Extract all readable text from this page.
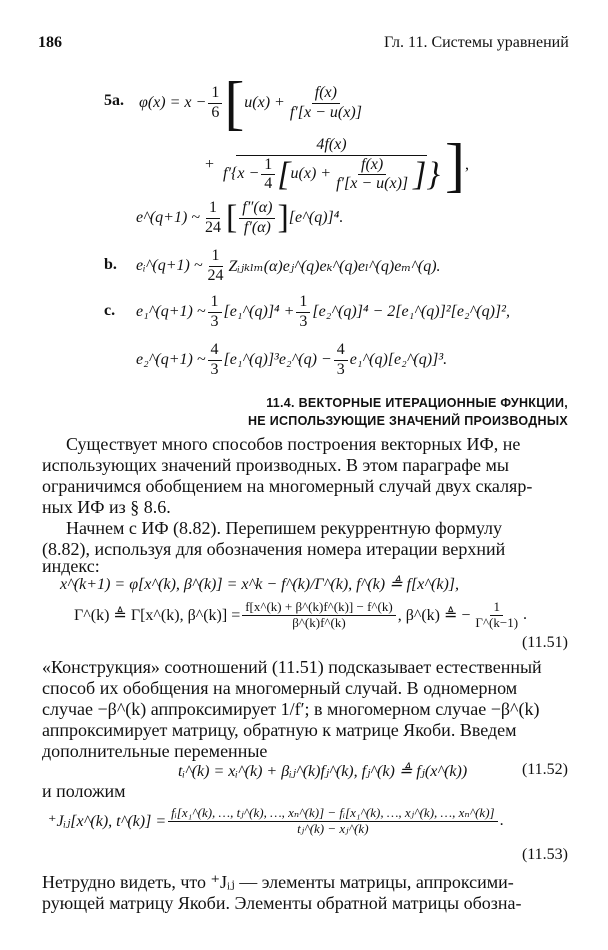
186	Гл. 11. Системы уравнений
5a. $\varphi(x) = x - \frac{1}{6}$ [ $u(x) + \frac{f(x)}{f'[x - u(x)]}$
+
4f(x)
$f'\{x - \frac{1}{4}$ [ $u(x) + \frac{f(x)}{f'[x - u(x)]}$ ]} ] ,
e^(q+1) ~ $\frac{1}{24}$ [ $\frac{f''(\alpha)}{f'(\alpha)}$ ] [e^(q)]⁴.
b. eᵢ^(q+1) ~ $\frac{1}{24}$ Zᵢⱼₖₗₘ(α)eⱼ^(q)eₖ^(q)eₗ^(q)eₘ^(q).
c. e₁^(q+1) ~ $\frac{1}{3}$ [e₁^(q)]⁴ + $\frac{1}{3}$ [e₂^(q)]⁴ − 2[e₁^(q)]²[e₂^(q)]²,
e₂^(q+1) ~ $\frac{4}{3}$ [e₁^(q)]³e₂^(q) − $\frac{4}{3}$ e₁^(q)[e₂^(q)]³.
11.4. ВЕКТОРНЫЕ ИТЕРАЦИОННЫЕ ФУНКЦИИ,
НЕ ИСПОЛЬЗУЮЩИЕ ЗНАЧЕНИЙ ПРОИЗВОДНЫХ
Существует много способов построения векторных ИФ, не
использующих значений производных. В этом параграфе мы
ограничимся обобщением на многомерный случай двух скаляр-
ных ИФ из § 8.6.
Начнем с ИФ (8.82). Перепишем рекуррентную формулу
(8.82), используя для обозначения номера итерации верхний
индекс:
x^(k+1) = φ[x^(k), β^(k)] = x^k − f^(k)/Γ^(k), f^(k) ≜ f[x^(k)],
Γ^(k) ≜ Γ[x^(k), β^(k)] = $\frac{f[x\^{}(k) + \beta\^{}(k)f\^{}(k)] - f\^{}(k)}{\beta\^{}(k)f\^{}(k)}$ , β^(k) ≜ − $\frac{1}{\Gamma\^{}(k-1)}$ .
(11.51)
«Конструкция» соотношений (11.51) подсказывает естественный
способ их обобщения на многомерный случай. В одномерном
случае −β^(k) аппроксимирует 1/f′; в многомерном случае −β^(k)
аппроксимирует матрицу, обратную к матрице Якоби. Введем
дополнительные переменные
tᵢ^(k) = xᵢ^(k) + βᵢⱼ^(k)fⱼ^(k), fⱼ^(k) ≜ fⱼ(x^(k))	(11.52)
и положим
⁺Jᵢⱼ[x^(k), t^(k)] =
fᵢ[x₁^(k), …, tⱼ^(k), …, xₙ^(k)] − fᵢ[x₁^(k), …, xⱼ^(k), …, xₙ^(k)]
tⱼ^(k) − xⱼ^(k)	.
(11.53)
Нетрудно видеть, что ⁺Jᵢⱼ — элементы матрицы, аппроксими-
рующей матрицу Якоби. Элементы обратной матрицы обозна-
